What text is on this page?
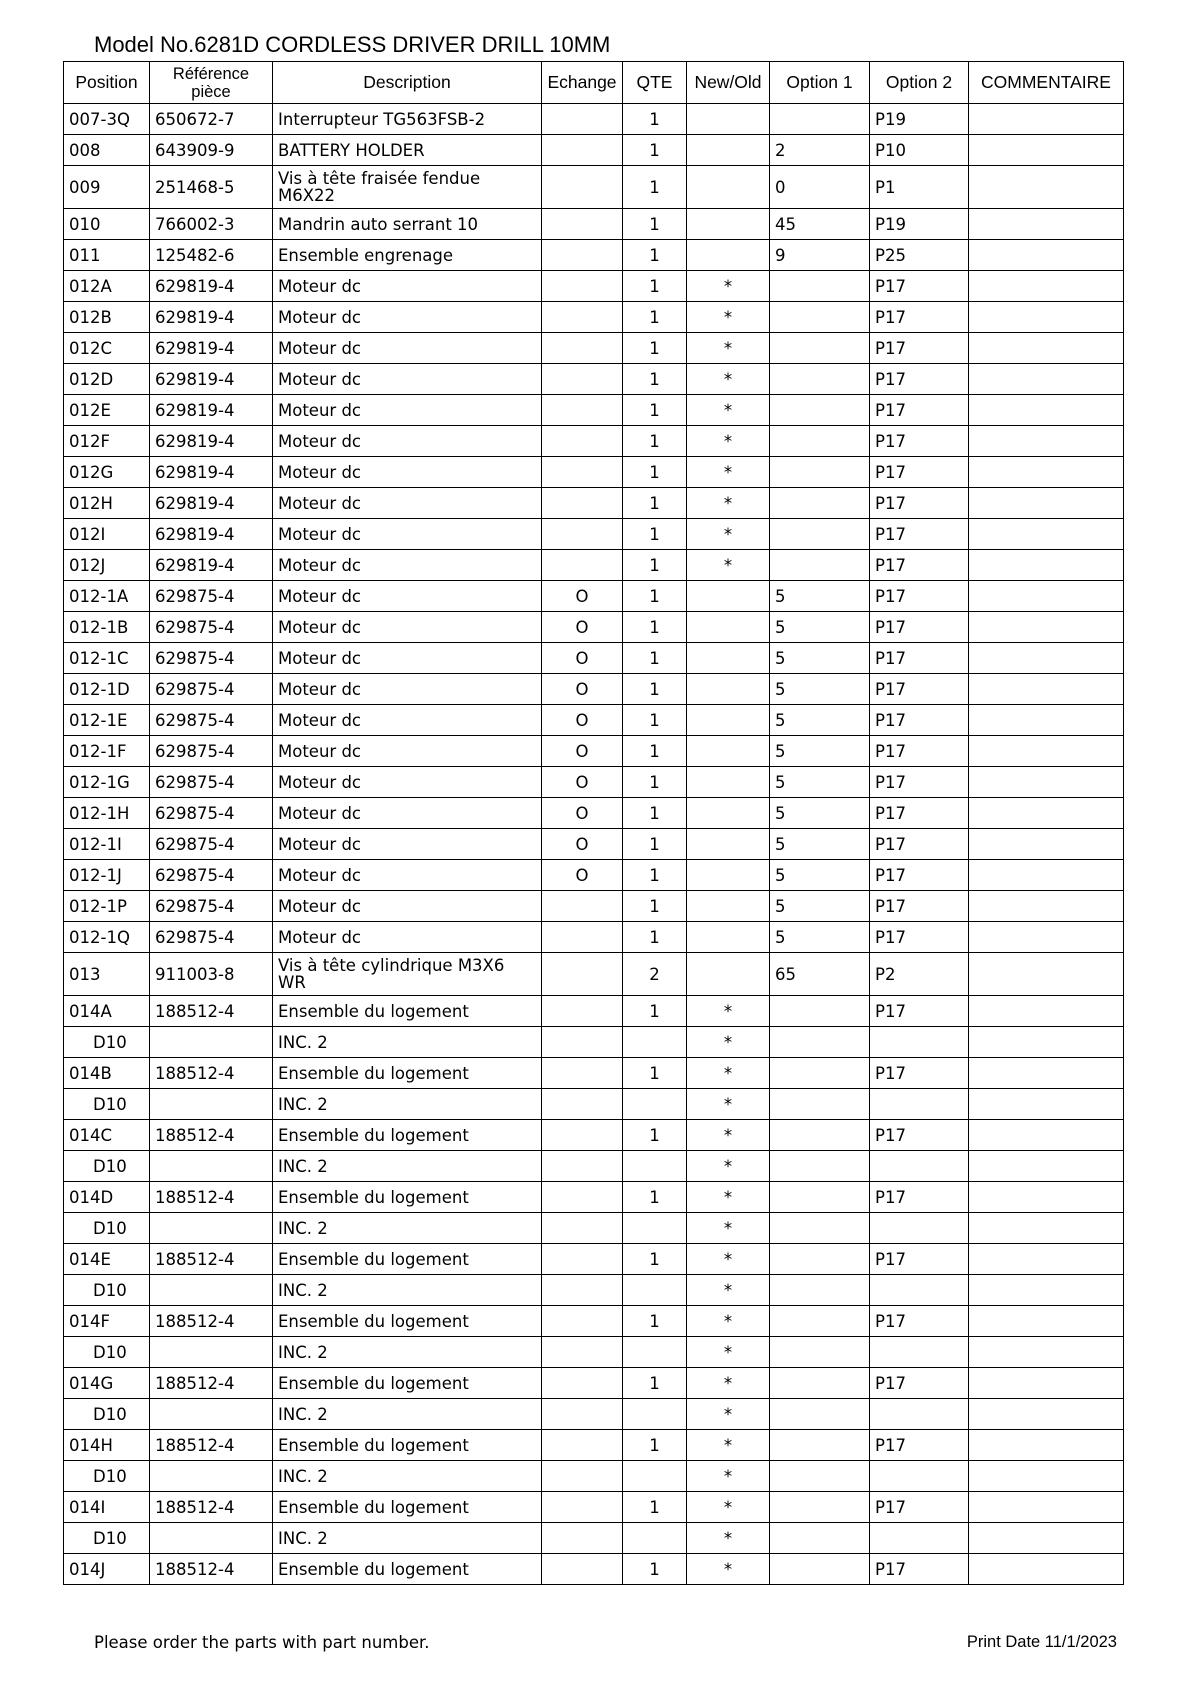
Model No.6281D CORDLESS DRIVER DRILL 10MM
Position	Référence pièce	Description	Echange	QTE	New/Old	Option 1	Option 2	COMMENTAIRE
007-3Q	650672-7	Interrupteur TG563FSB-2		1			P19	
008	643909-9	BATTERY HOLDER		1		2	P10	
009	251468-5	Vis à tête fraisée fendue M6X22		1		0	P1	
010	766002-3	Mandrin auto serrant 10		1		45	P19	
011	125482-6	Ensemble engrenage		1		9	P25	
012A	629819-4	Moteur dc		1	*		P17	
012B	629819-4	Moteur dc		1	*		P17	
012C	629819-4	Moteur dc		1	*		P17	
012D	629819-4	Moteur dc		1	*		P17	
012E	629819-4	Moteur dc		1	*		P17	
012F	629819-4	Moteur dc		1	*		P17	
012G	629819-4	Moteur dc		1	*		P17	
012H	629819-4	Moteur dc		1	*		P17	
012I	629819-4	Moteur dc		1	*		P17	
012J	629819-4	Moteur dc		1	*		P17	
012-1A	629875-4	Moteur dc	O	1		5	P17	
012-1B	629875-4	Moteur dc	O	1		5	P17	
012-1C	629875-4	Moteur dc	O	1		5	P17	
012-1D	629875-4	Moteur dc	O	1		5	P17	
012-1E	629875-4	Moteur dc	O	1		5	P17	
012-1F	629875-4	Moteur dc	O	1		5	P17	
012-1G	629875-4	Moteur dc	O	1		5	P17	
012-1H	629875-4	Moteur dc	O	1		5	P17	
012-1I	629875-4	Moteur dc	O	1		5	P17	
012-1J	629875-4	Moteur dc	O	1		5	P17	
012-1P	629875-4	Moteur dc		1		5	P17	
012-1Q	629875-4	Moteur dc		1		5	P17	
013	911003-8	Vis à tête cylindrique M3X6 WR		2		65	P2	
014A	188512-4	Ensemble du logement		1	*		P17	
D10		INC. 2			*			
014B	188512-4	Ensemble du logement		1	*		P17	
D10		INC. 2			*			
014C	188512-4	Ensemble du logement		1	*		P17	
D10		INC. 2			*			
014D	188512-4	Ensemble du logement		1	*		P17	
D10		INC. 2			*			
014E	188512-4	Ensemble du logement		1	*		P17	
D10		INC. 2			*			
014F	188512-4	Ensemble du logement		1	*		P17	
D10		INC. 2			*			
014G	188512-4	Ensemble du logement		1	*		P17	
D10		INC. 2			*			
014H	188512-4	Ensemble du logement		1	*		P17	
D10		INC. 2			*			
014I	188512-4	Ensemble du logement		1	*		P17	
D10		INC. 2			*			
014J	188512-4	Ensemble du logement		1	*		P17	
Please order the parts with part number.	Print Date 11/1/2023
